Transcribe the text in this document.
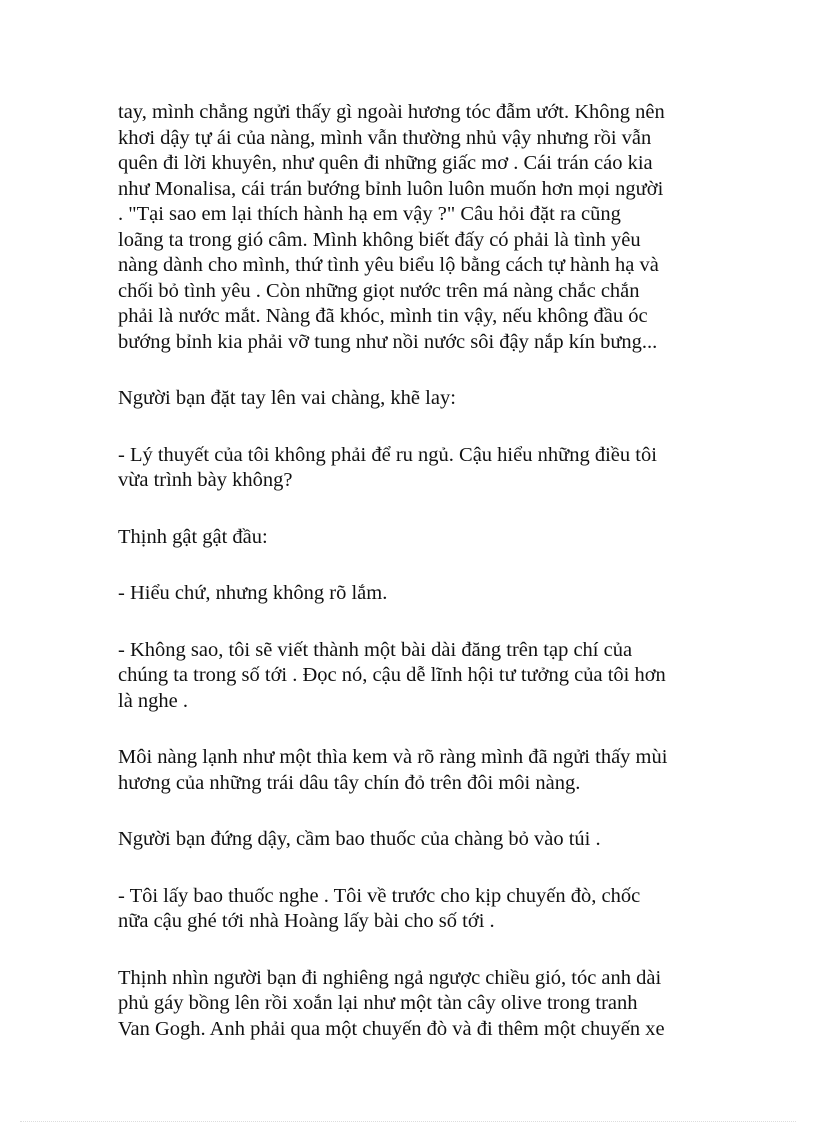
tay, mình chẳng ngửi thấy gì ngoài hương tóc đẫm ướt. Không nên
khơi dậy tự ái của nàng, mình vẫn thường nhủ vậy nhưng rồi vẫn
quên đi lời khuyên, như quên đi những giấc mơ . Cái trán cáo kia
như Monalisa, cái trán bướng bỉnh luôn luôn muốn hơn mọi người
. "Tại sao em lại thích hành hạ em vậy ?" Câu hỏi đặt ra cũng
loãng ta trong gió câm. Mình không biết đấy có phải là tình yêu
nàng dành cho mình, thứ tình yêu biểu lộ bằng cách tự hành hạ và
chối bỏ tình yêu . Còn những giọt nước trên má nàng chắc chắn
phải là nước mắt. Nàng đã khóc, mình tin vậy, nếu không đầu óc
bướng bỉnh kia phải vỡ tung như nồi nước sôi đậy nắp kín bưng...

Người bạn đặt tay lên vai chàng, khẽ lay:

- Lý thuyết của tôi không phải để ru ngủ. Cậu hiểu những điều tôi
vừa trình bày không?

Thịnh gật gật đầu:

- Hiểu chứ, nhưng không rõ lắm.

- Không sao, tôi sẽ viết thành một bài dài đăng trên tạp chí của
chúng ta trong số tới . Đọc nó, cậu dễ lĩnh hội tư tưởng của tôi hơn
là nghe .

Môi nàng lạnh như một thìa kem và rõ ràng mình đã ngửi thấy mùi
hương của những trái dâu tây chín đỏ trên đôi môi nàng.

Người bạn đứng dậy, cầm bao thuốc của chàng bỏ vào túi .

- Tôi lấy bao thuốc nghe . Tôi về trước cho kịp chuyến đò, chốc
nữa cậu ghé tới nhà Hoàng lấy bài cho số tới .

Thịnh nhìn người bạn đi nghiêng ngả ngược chiều gió, tóc anh dài
phủ gáy bồng lên rồi xoắn lại như một tàn cây olive trong tranh
Van Gogh. Anh phải qua một chuyến đò và đi thêm một chuyến xe
